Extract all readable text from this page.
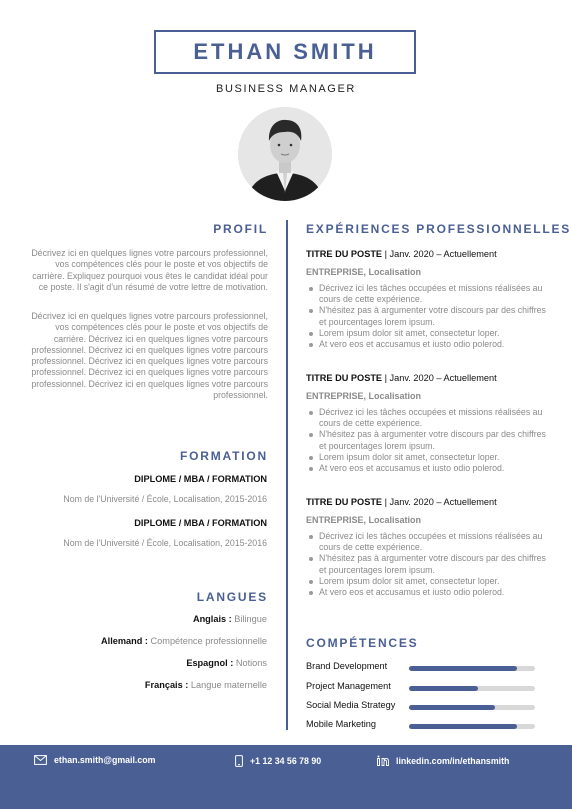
ETHAN SMITH
BUSINESS MANAGER
PROFIL
Décrivez ici en quelques lignes votre parcours professionnel, vos compétences clés pour le poste et vos objectifs de carrière. Expliquez pourquoi vous êtes le candidat idéal pour ce poste. Il s'agit d'un résumé de votre lettre de motivation.
Décrivez ici en quelques lignes votre parcours professionnel, vos compétences clés pour le poste et vos objectifs de carrière. Décrivez ici en quelques lignes votre parcours professionnel. Décrivez ici en quelques lignes votre parcours professionnel. Décrivez ici en quelques lignes votre parcours professionnel. Décrivez ici en quelques lignes votre parcours professionnel. Décrivez ici en quelques lignes votre parcours professionnel.
FORMATION
DIPLOME / MBA / FORMATION
Nom de l'Université / École, Localisation, 2015-2016
DIPLOME / MBA / FORMATION
Nom de l'Université / École, Localisation, 2015-2016
LANGUES
Anglais : Bilingue
Allemand : Compétence professionnelle
Espagnol : Notions
Français : Langue maternelle
EXPÉRIENCES PROFESSIONNELLES
TITRE DU POSTE | Janv. 2020 – Actuellement
ENTREPRISE, Localisation
Décrivez ici les tâches occupées et missions réalisées au cours de cette expérience.
N'hésitez pas à argumenter votre discours par des chiffres et pourcentages lorem ipsum.
Lorem ipsum dolor sit amet, consectetur loper.
At vero eos et accusamus et iusto odio polerod.
TITRE DU POSTE | Janv. 2020 – Actuellement
ENTREPRISE, Localisation
Décrivez ici les tâches occupées et missions réalisées au cours de cette expérience.
N'hésitez pas à argumenter votre discours par des chiffres et pourcentages lorem ipsum.
Lorem ipsum dolor sit amet, consectetur loper.
At vero eos et accusamus et iusto odio polerod.
TITRE DU POSTE | Janv. 2020 – Actuellement
ENTREPRISE, Localisation
Décrivez ici les tâches occupées et missions réalisées au cours de cette expérience.
N'hésitez pas à argumenter votre discours par des chiffres et pourcentages lorem ipsum.
Lorem ipsum dolor sit amet, consectetur loper.
At vero eos et accusamus et iusto odio polerod.
COMPÉTENCES
Brand Development
Project Management
Social Media Strategy
Mobile Marketing
ethan.smith@gmail.com	+1 12 34 56 78 90	linkedin.com/in/ethansmith
